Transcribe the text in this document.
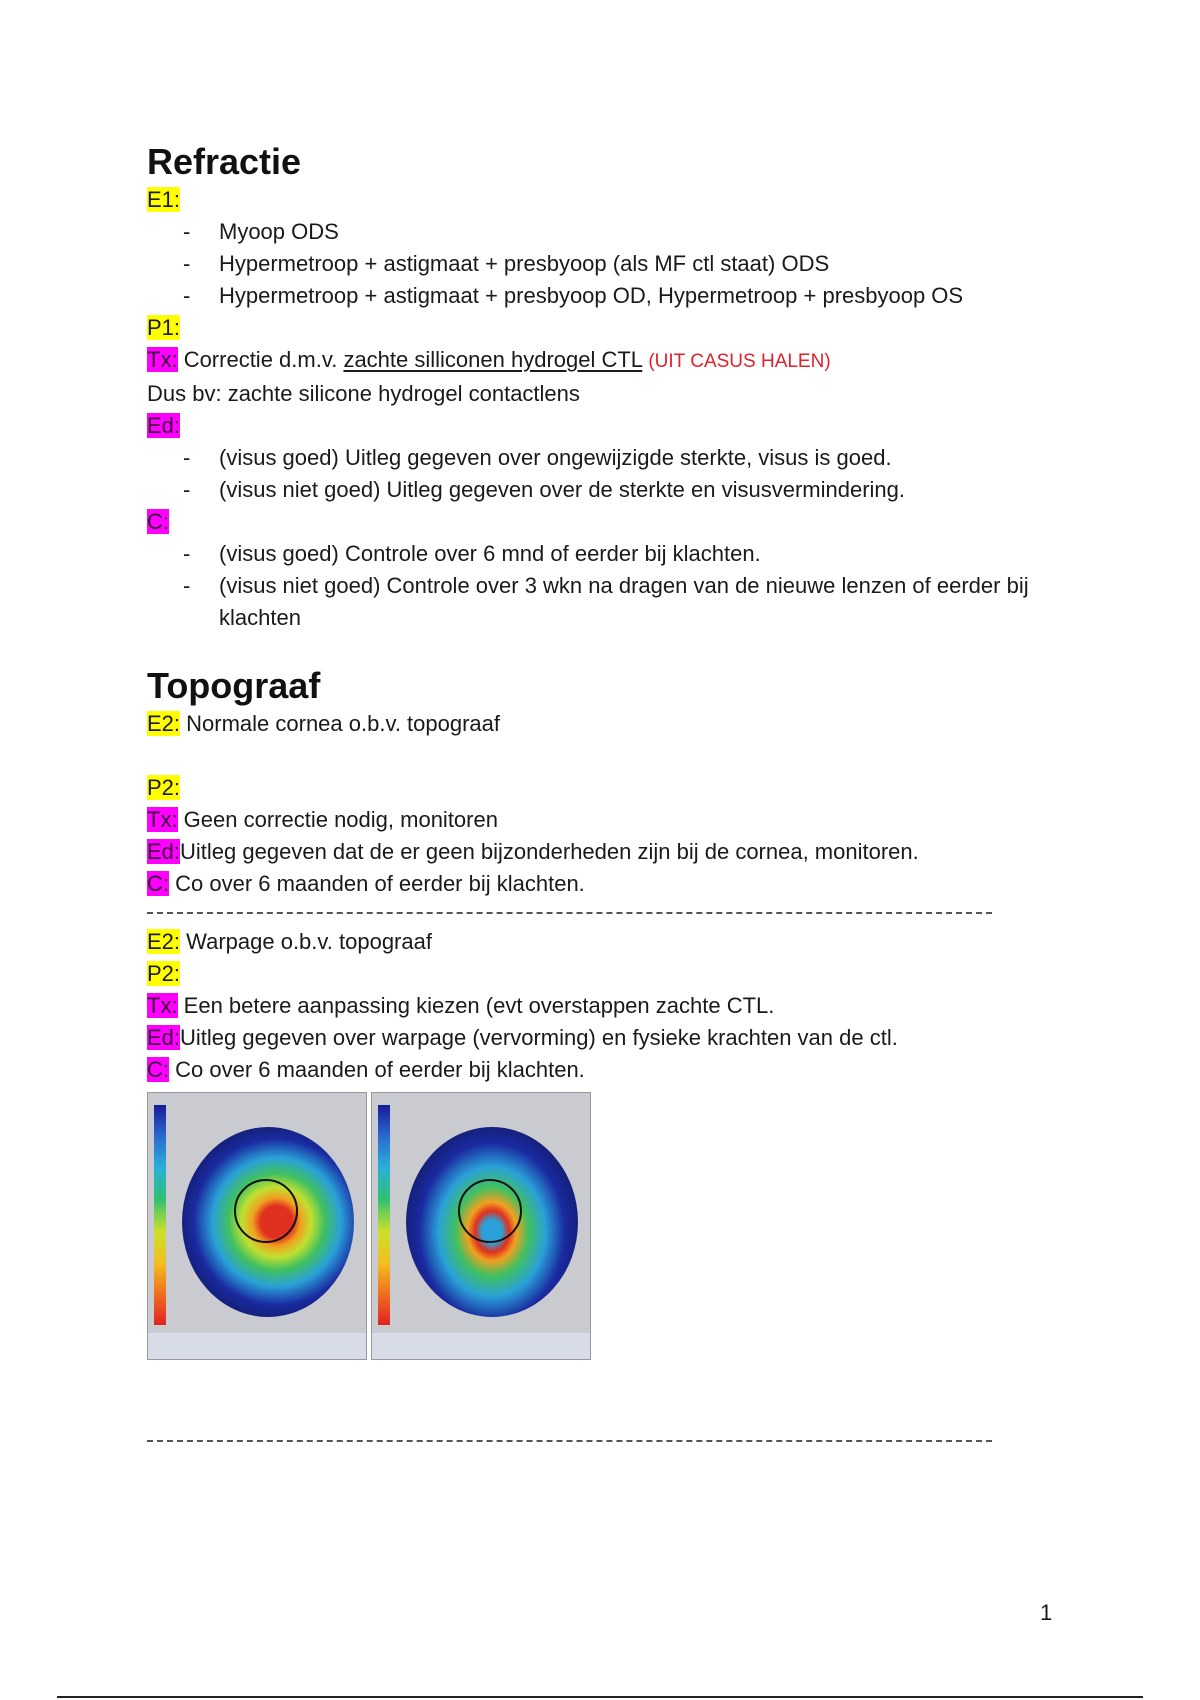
Refractie
E1:
- Myoop ODS
- Hypermetroop + astigmaat + presbyoop (als MF ctl staat) ODS
- Hypermetroop + astigmaat + presbyoop OD, Hypermetroop + presbyoop OS
P1:
Tx: Correctie d.m.v. zachte silliconen hydrogel CTL (UIT CASUS HALEN)
Dus bv: zachte silicone hydrogel contactlens
Ed:
- (visus goed) Uitleg gegeven over ongewijzigde sterkte, visus is goed.
- (visus niet goed) Uitleg gegeven over de sterkte en visusvermindering.
C:
- (visus goed) Controle over 6 mnd of eerder bij klachten.
- (visus niet goed) Controle over 3 wkn na dragen van de nieuwe lenzen of eerder bij klachten
Topograaf
E2: Normale cornea o.b.v. topograaf
P2:
Tx: Geen correctie nodig, monitoren
Ed:Uitleg gegeven dat de er geen bijzonderheden zijn bij de cornea, monitoren.
C: Co over 6 maanden of eerder bij klachten.
E2: Warpage o.b.v. topograaf
P2:
Tx: Een betere aanpassing kiezen (evt overstappen zachte CTL.
Ed:Uitleg gegeven over warpage (vervorming) en fysieke krachten van de ctl.
C: Co over 6 maanden of eerder bij klachten.
1
